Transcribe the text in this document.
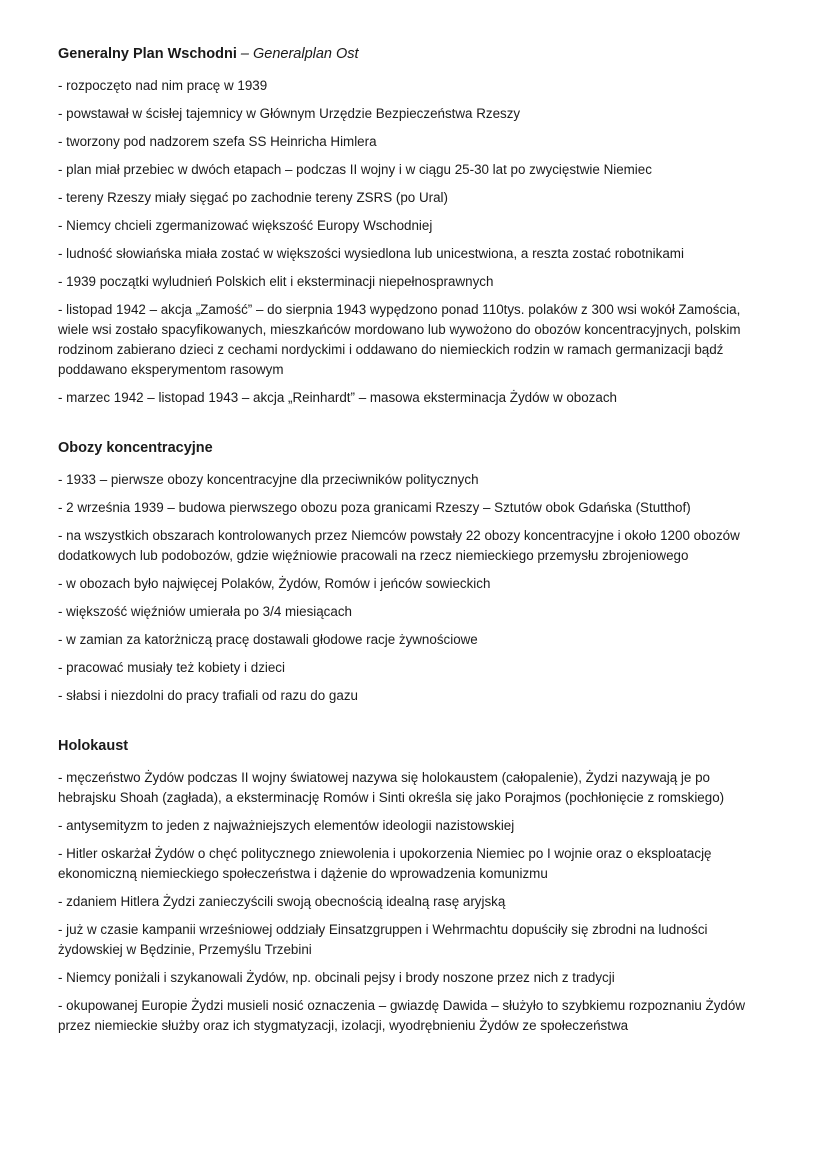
Generalny Plan Wschodni – Generalplan Ost
- rozpoczęto nad nim pracę w 1939
- powstawał w ścisłej tajemnicy w Głównym Urzędzie Bezpieczeństwa Rzeszy
- tworzony pod nadzorem szefa SS Heinricha Himlera
- plan miał przebiec w dwóch etapach – podczas II wojny i w ciągu 25-30 lat po zwycięstwie Niemiec
- tereny Rzeszy miały sięgać po zachodnie tereny ZSRS (po Ural)
- Niemcy chcieli zgermanizować większość Europy Wschodniej
- ludność słowiańska miała zostać w większości wysiedlona lub unicestwiona, a reszta zostać robotnikami
- 1939 początki wyludnień Polskich elit i eksterminacji niepełnosprawnych
- listopad 1942 – akcja „Zamość” – do sierpnia 1943 wypędzono ponad 110tys. polaków z 300 wsi wokół Zamościa, wiele wsi zostało spacyfikowanych, mieszkańców mordowano lub wywożono do obozów koncentracyjnych, polskim rodzinom zabierano dzieci z cechami nordyckimi i oddawano do niemieckich rodzin w ramach germanizacji bądź poddawano eksperymentom rasowym
- marzec 1942 – listopad 1943 – akcja „Reinhardt” – masowa eksterminacja Żydów w obozach
Obozy koncentracyjne
- 1933 – pierwsze obozy koncentracyjne dla przeciwników politycznych
- 2 września 1939 – budowa pierwszego obozu poza granicami Rzeszy – Sztutów obok Gdańska (Stutthof)
- na wszystkich obszarach kontrolowanych przez Niemców powstały 22 obozy koncentracyjne i około 1200 obozów dodatkowych lub podobozów, gdzie więźniowie pracowali na rzecz niemieckiego przemysłu zbrojeniowego
- w obozach było najwięcej Polaków, Żydów, Romów i jeńców sowieckich
- większość więźniów umierała po 3/4 miesiącach
- w zamian za katorżniczą pracę dostawali głodowe racje żywnościowe
- pracować musiały też kobiety i dzieci
- słabsi i niezdolni do pracy trafiali od razu do gazu
Holokaust
- męczeństwo Żydów podczas II wojny światowej nazywa się holokaustem (całopalenie), Żydzi nazywają je po hebrajsku Shoah (zagłada), a eksterminację Romów i Sinti określa się jako Porajmos (pochłonięcie z romskiego)
- antysemityzm to jeden z najważniejszych elementów ideologii nazistowskiej
- Hitler oskarżał Żydów o chęć politycznego zniewolenia i upokorzenia Niemiec po I wojnie oraz o eksploatację ekonomiczną niemieckiego społeczeństwa i dążenie do wprowadzenia komunizmu
- zdaniem Hitlera Żydzi zanieczyścili swoją obecnością idealną rasę aryjską
- już w czasie kampanii wrześniowej oddziały Einsatzgruppen i Wehrmachtu dopuściły się zbrodni na ludności żydowskiej w Będzinie, Przemyślu Trzebini
- Niemcy poniżali i szykanowali Żydów, np. obcinali pejsy i brody noszone przez nich z tradycji
- okupowanej Europie Żydzi musieli nosić oznaczenia – gwiazdę Dawida – służyło to szybkiemu rozpoznaniu Żydów przez niemieckie służby oraz ich stygmatyzacji, izolacji, wyodrębnieniu Żydów ze społeczeństwa
